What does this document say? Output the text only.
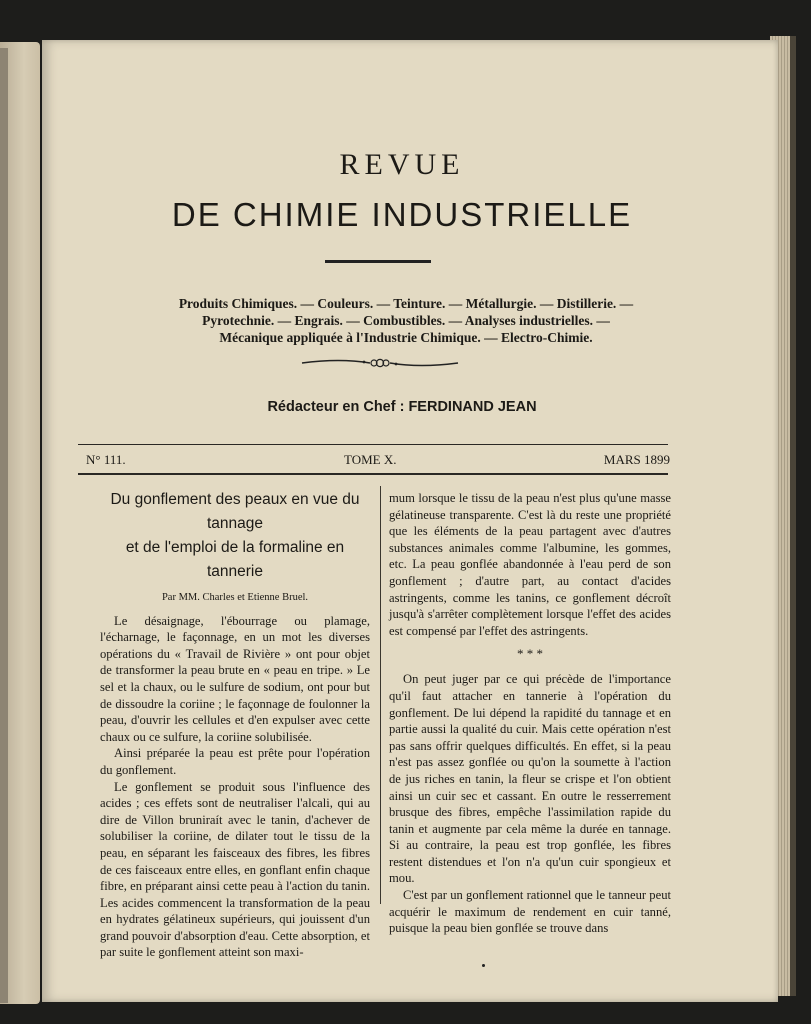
REVUE
DE CHIMIE INDUSTRIELLE
Produits Chimiques. — Couleurs. — Teinture. — Métallurgie. — Distillerie. —
Pyrotechnie. — Engrais. — Combustibles. — Analyses industrielles. —
Mécanique appliquée à l'Industrie Chimique. — Electro-Chimie.
Rédacteur en Chef : FERDINAND JEAN
N° 111.	TOME X.	MARS 1899
Du gonflement des peaux en vue du tannage
et de l'emploi de la formaline en tannerie
Par MM. Charles et Etienne Bruel.

Le désaignage, l'ébourrage ou plamage, l'écharnage, le façonnage, en un mot les diverses opérations du « Travail de Rivière » ont pour objet de transformer la peau brute en « peau en tripe. » Le sel et la chaux, ou le sulfure de sodium, ont pour but de dissoudre la coriine ; le façonnage de foulonner la peau, d'ouvrir les cellules et d'en expulser avec cette chaux ou ce sulfure, la coriine solubilisée.

Ainsi préparée la peau est prête pour l'opération du gonflement.

Le gonflement se produit sous l'influence des acides ; ces effets sont de neutraliser l'alcali, qui au dire de Villon bruniraít avec le tanin, d'achever de solubiliser la coriine, de dilater tout le tissu de la peau, en séparant les faisceaux des fibres, les fibres de ces faisceaux entre elles, en gonflant enfin chaque fibre, en préparant ainsi cette peau à l'action du tanin. Les acides commencent la transformation de la peau en hydrates gélatineux supérieurs, qui jouissent d'un grand pouvoir d'absorption d'eau. Cette absorption, et par suite le gonflement atteint son maxi-

mum lorsque le tissu de la peau n'est plus qu'une masse gélatineuse transparente. C'est là du reste une propriété que les éléments de la peau partagent avec d'autres substances animales comme l'albumine, les gommes, etc. La peau gonflée abandonnée à l'eau perd de son gonflement ; d'autre part, au contact d'acides astringents, comme les tanins, ce gonflement décroît jusqu'à s'arrêter complètement lorsque l'effet des acides est compensé par l'effet des astringents.

* * *

On peut juger par ce qui précède de l'importance qu'il faut attacher en tannerie à l'opération du gonflement. De lui dépend la rapidité du tannage et en partie aussi la qualité du cuir. Mais cette opération n'est pas sans offrir quelques difficultés. En effet, si la peau n'est pas assez gonflée ou qu'on la soumette à l'action de jus riches en tanin, la fleur se crispe et l'on obtient ainsi un cuir sec et cassant. En outre le resserrement brusque des fibres, empêche l'assimilation rapide du tanin et augmente par cela même la durée en tannage. Si au contraire, la peau est trop gonflée, les fibres restent distendues et l'on n'a qu'un cuir spongieux et mou.

C'est par un gonflement rationnel que le tanneur peut acquérir le maximum de rendement en cuir tanné, puisque la peau bien gonflée se trouve dans
